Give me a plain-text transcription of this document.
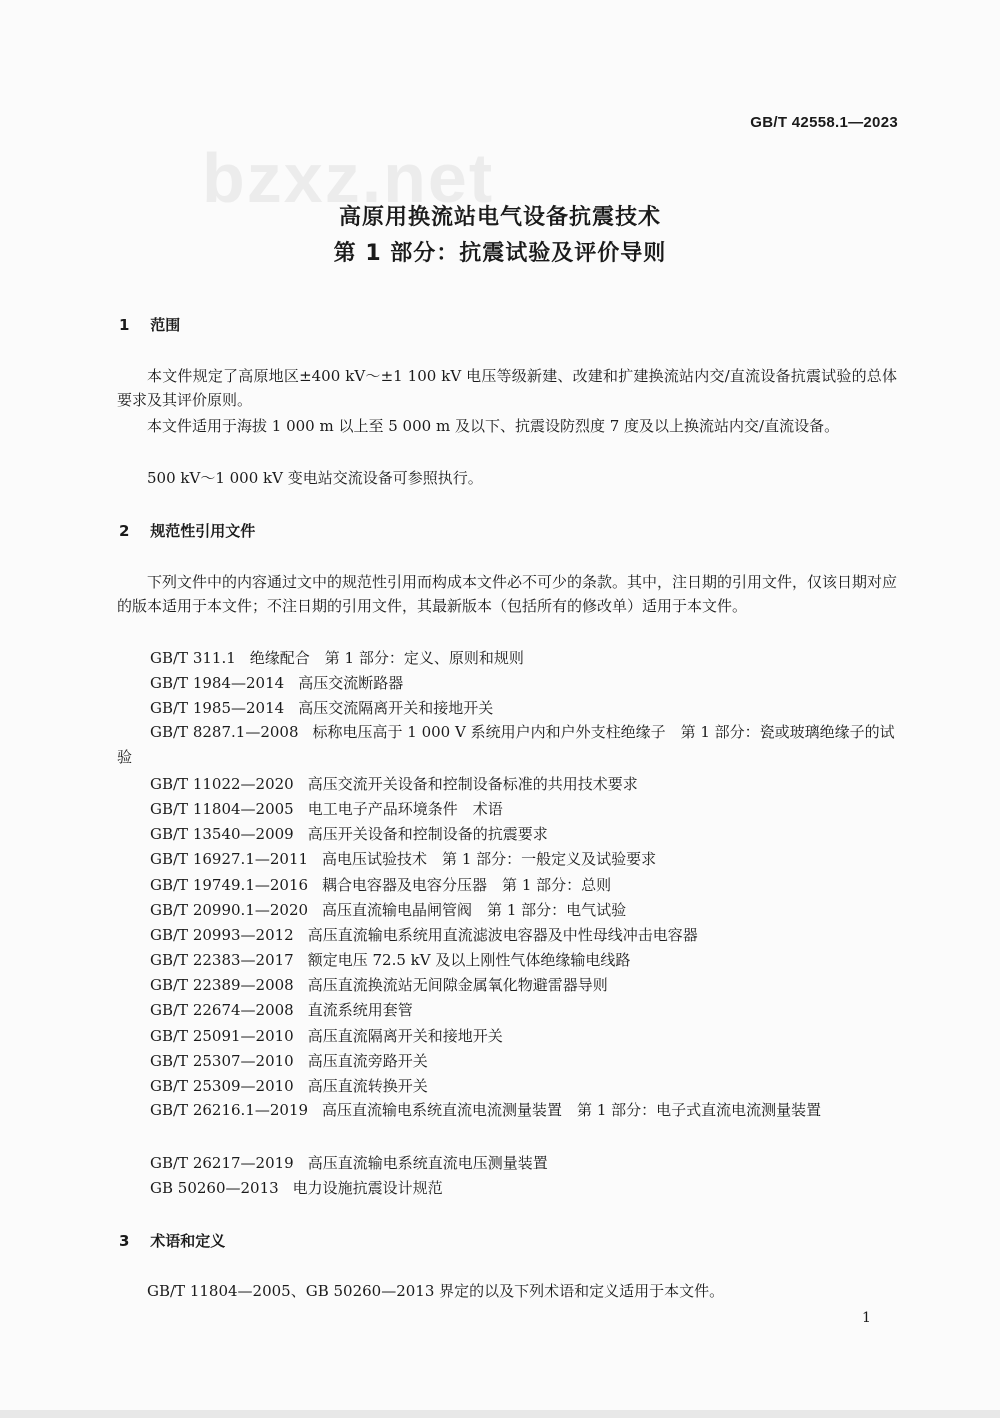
GB/T 42558.1—2023
bzxz.net
高原用换流站电气设备抗震技术
第 1 部分：抗震试验及评价导则
1 范围
本文件规定了高原地区±400 kV～±1 100 kV 电压等级新建、改建和扩建换流站内交/直流设备抗震试验的总体要求及其评价原则。
本文件适用于海拔 1 000 m 以上至 5 000 m 及以下、抗震设防烈度 7 度及以上换流站内交/直流设备。
500 kV～1 000 kV 变电站交流设备可参照执行。
2 规范性引用文件
下列文件中的内容通过文中的规范性引用而构成本文件必不可少的条款。其中，注日期的引用文件，仅该日期对应的版本适用于本文件；不注日期的引用文件，其最新版本（包括所有的修改单）适用于本文件。
GB/T 311.1 绝缘配合　第 1 部分：定义、原则和规则
GB/T 1984—2014 高压交流断路器
GB/T 1985—2014 高压交流隔离开关和接地开关
GB/T 8287.1—2008 标称电压高于 1 000 V 系统用户内和户外支柱绝缘子　第 1 部分：瓷或玻璃绝缘子的试验
GB/T 11022—2020 高压交流开关设备和控制设备标准的共用技术要求
GB/T 11804—2005 电工电子产品环境条件　术语
GB/T 13540—2009 高压开关设备和控制设备的抗震要求
GB/T 16927.1—2011 高电压试验技术　第 1 部分：一般定义及试验要求
GB/T 19749.1—2016 耦合电容器及电容分压器　第 1 部分：总则
GB/T 20990.1—2020 高压直流输电晶闸管阀　第 1 部分：电气试验
GB/T 20993—2012 高压直流输电系统用直流滤波电容器及中性母线冲击电容器
GB/T 22383—2017 额定电压 72.5 kV 及以上刚性气体绝缘输电线路
GB/T 22389—2008 高压直流换流站无间隙金属氧化物避雷器导则
GB/T 22674—2008 直流系统用套管
GB/T 25091—2010 高压直流隔离开关和接地开关
GB/T 25307—2010 高压直流旁路开关
GB/T 25309—2010 高压直流转换开关
GB/T 26216.1—2019 高压直流输电系统直流电流测量装置　第 1 部分：电子式直流电流测量装置
GB/T 26217—2019 高压直流输电系统直流电压测量装置
GB 50260—2013 电力设施抗震设计规范
3 术语和定义
GB/T 11804—2005、GB 50260—2013 界定的以及下列术语和定义适用于本文件。
1
